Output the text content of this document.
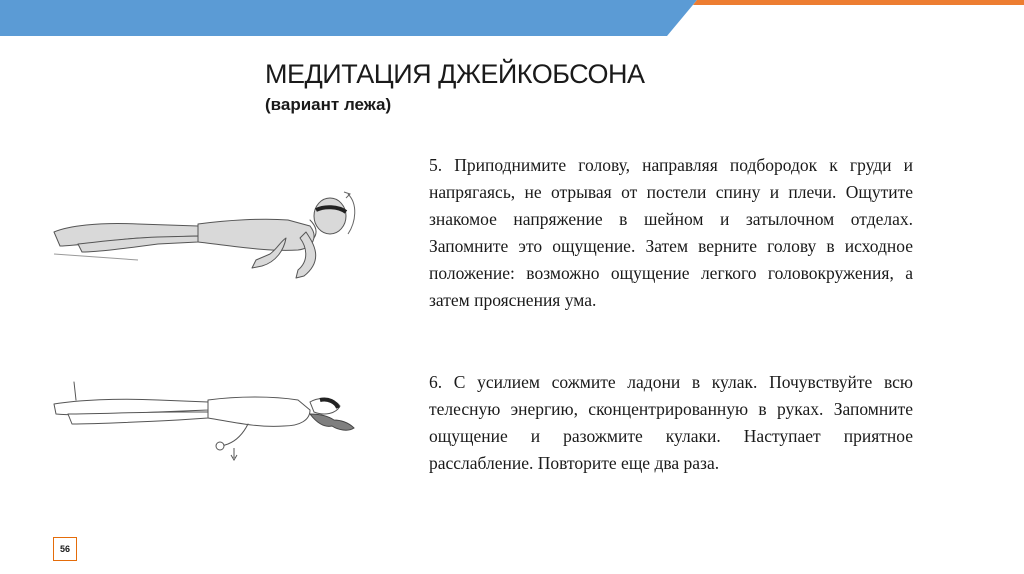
МЕДИТАЦИЯ ДЖЕЙКОБСОНА
(вариант лежа)
5. Приподнимите голову, направляя подбородок к груди и напрягаясь, не отрывая от постели спину и плечи. Ощутите знакомое напряжение в шейном и затылочном отделах. Запомните это ощущение. Затем верните голову в исходное положение: возможно ощущение легкого головокружения, а затем прояснения ума.
6. С усилием сожмите ладони в кулак. Почувствуйте всю телесную энергию, сконцентрированную в руках. Запомните ощущение и разожмите кулаки. Наступает приятное расслабление. Повторите еще два раза.
56
